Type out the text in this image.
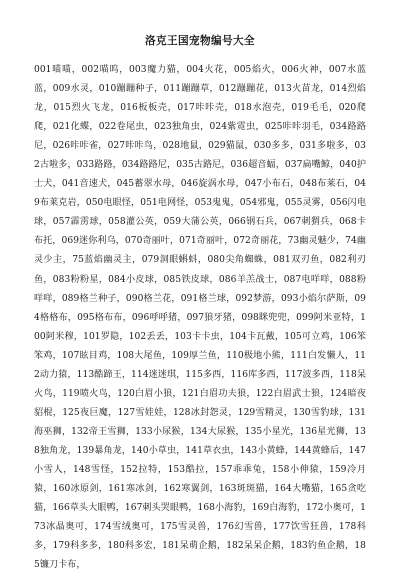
洛克王国宠物编号大全

001喵喵，002喵呜，003魔力猫，004火花，005焰火，006火神，007水蓝蓝，009水灵，010蹦蹦种子，011蹦蹦草，012蹦蹦花，013火苗龙，014烈焰龙，015烈火飞龙，016板板壳，017咔咔壳，018水泡壳，019毛毛，020爬爬，021化蝶，022卷尾虫，023独角虫，024紫霓虫，025咔咔羽毛，034路路尼，026咔咔雀，027咔咔鸟，028地鼠，029猫鼠，030多多，031多啦多，032古啦多，033路路，034路路尼，035古路尼，036超音蝠，037扁嘴鲸，040护士犬，041音速犬，045蓄翠水母，046旋涡水母，047小布石，048布莱石，049布莱克岩，050电眼怪，051电网怪，053鬼鬼，054邪鬼，055灵雾，056闪电球，057霹雳球，058灌公英，059大蒲公英，066钢石兵，067刺猬兵，068卡布托，069迷你利乌，070奇丽叶，071奇丽叶，072奇丽花，73幽灵魅少，74幽灵少主，75蓝焰幽灵主，079洞眼蝌蚪，080尖角蜘蛛，081双刃鱼，082利刃鱼，083粉粉星，084小皮球，085铁皮球，086羊羔战士，087电咩咩，088粉咩咩，089格兰种子，090格兰花，091格兰球，092梦游，093小焰尔萨斯，094格格布，095格布布，096呼呼猪，097狼牙猪，098眯兜兜，099阿米亚特，100阿米穆，101罗隐，102丢丢，103卡卡虫，104卡瓦戴，105可立鸡，106笨笨鸡，107眩目鸡，108大尾鱼，109厚兰鱼，110极地小熊，111白发懒人，112动力猿，113酷蹄王，114迷迷琪，115多西，116库多西，117波多西，118呆火鸟，119喷火鸟，120白眉小狼，121白眉功夫狼，122白眉武士狼，124暗夜貂棍，125夜巨魔，127雪娃娃，128冰封怨灵，129雪精灵，130雪豹球，131海巫狮，132帝王雪狮，133小尿猴，134大尿猴，135小星光，136星光狮，138独角龙，139暴角龙，140小草虫，141草衣虫，143小黄蜂，144黄蜂后，147小雪人，148雪怪，152拉特，153酷拉，157乖乖兔，158小伸猿，159冷月猿，160冰原剑，161寒冰剑，162寒翼剑，163斑斑猫，164大嘴猫，165贪吃猫，166草头大眼鸭，167刺头哭眼鸭，168小海豹，169白海豹，172小奥可，173冰晶奥可，174雪绒奥可，175雪灵兽，176幻雪兽，177饮雪狂兽，178科多，179科多多，180科多宏，181呆萌企鹅，182呆呆企鹅，183钓鱼企鹅，185镰刀卡布，
